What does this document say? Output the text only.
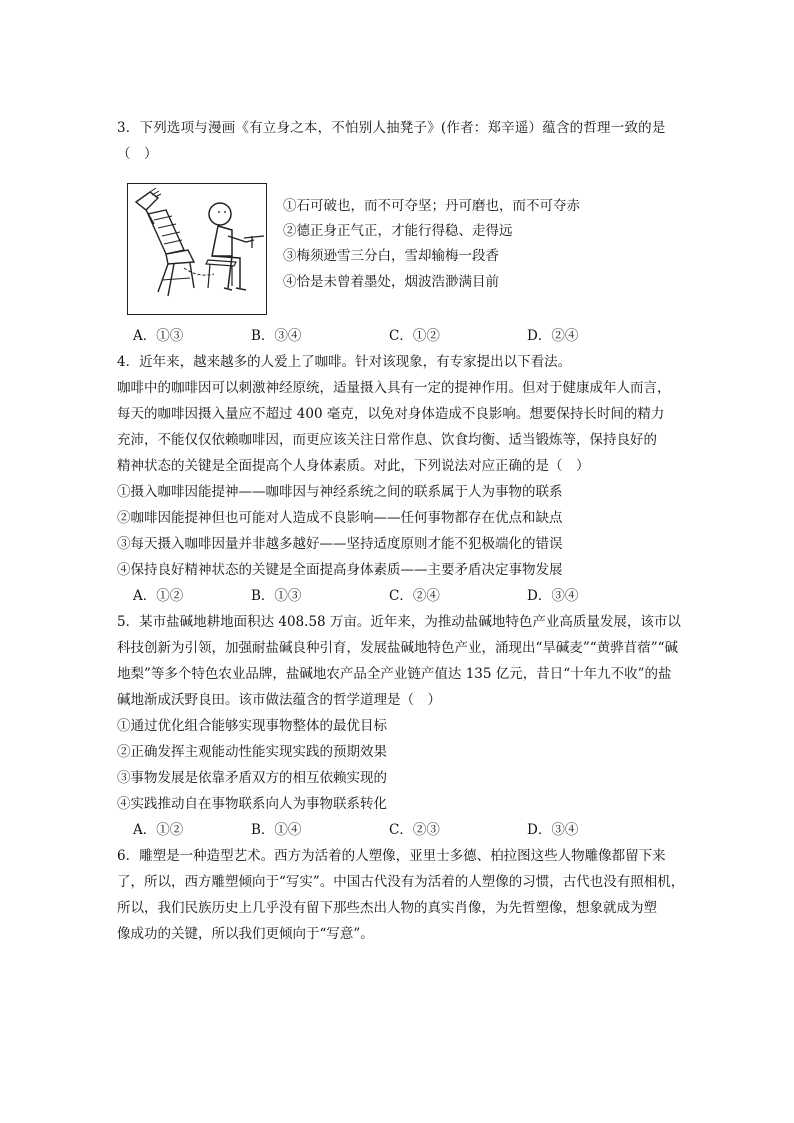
3．下列选项与漫画《有立身之本，不怕别人抽凳子》(作者：郑辛遥）蕴含的哲理一致的是
（　）
①石可破也，而不可夺坚；丹可磨也，而不可夺赤
②德正身正气正，才能行得稳、走得远
③梅须逊雪三分白，雪却输梅一段香
④恰是未曾着墨处，烟波浩渺满目前
A．①③	B．③④	C．①②	D．②④
4．近年来，越来越多的人爱上了咖啡。针对该现象，有专家提出以下看法。
咖啡中的咖啡因可以刺激神经原统，适量摄入具有一定的提神作用。但对于健康成年人而言，
每天的咖啡因摄入量应不超过 400 毫克，以免对身体造成不良影响。想要保持长时间的精力
充沛，不能仅仅依赖咖啡因，而更应该关注日常作息、饮食均衡、适当锻炼等，保持良好的
精神状态的关键是全面提高个人身体素质。对此，下列说法对应正确的是（　）
①摄入咖啡因能提神——咖啡因与神经系统之间的联系属于人为事物的联系
②咖啡因能提神但也可能对人造成不良影响——任何事物都存在优点和缺点
③每天摄入咖啡因量并非越多越好——坚持适度原则才能不犯极端化的错误
④保持良好精神状态的关键是全面提高身体素质——主要矛盾决定事物发展
A．①②	B．①③	C．②④	D．③④
5．某市盐碱地耕地面积达 408.58 万亩。近年来，为推动盐碱地特色产业高质量发展，该市以
科技创新为引领，加强耐盐碱良种引育，发展盐碱地特色产业，涌现出“旱碱麦”“黄骅苜蓿”“碱
地梨”等多个特色农业品牌，盐碱地农产品全产业链产值达 135 亿元，昔日“十年九不收”的盐
碱地渐成沃野良田。该市做法蕴含的哲学道理是（　）
①通过优化组合能够实现事物整体的最优目标
②正确发挥主观能动性能实现实践的预期效果
③事物发展是依靠矛盾双方的相互依赖实现的
④实践推动自在事物联系向人为事物联系转化
A．①②	B．①④	C．②③	D．③④
6．雕塑是一种造型艺术。西方为活着的人塑像，亚里士多德、柏拉图这些人物雕像都留下来
了，所以，西方雕塑倾向于“写实”。中国古代没有为活着的人塑像的习惯，古代也没有照相机，
所以，我们民族历史上几乎没有留下那些杰出人物的真实肖像，为先哲塑像，想象就成为塑
像成功的关键，所以我们更倾向于“写意”。
